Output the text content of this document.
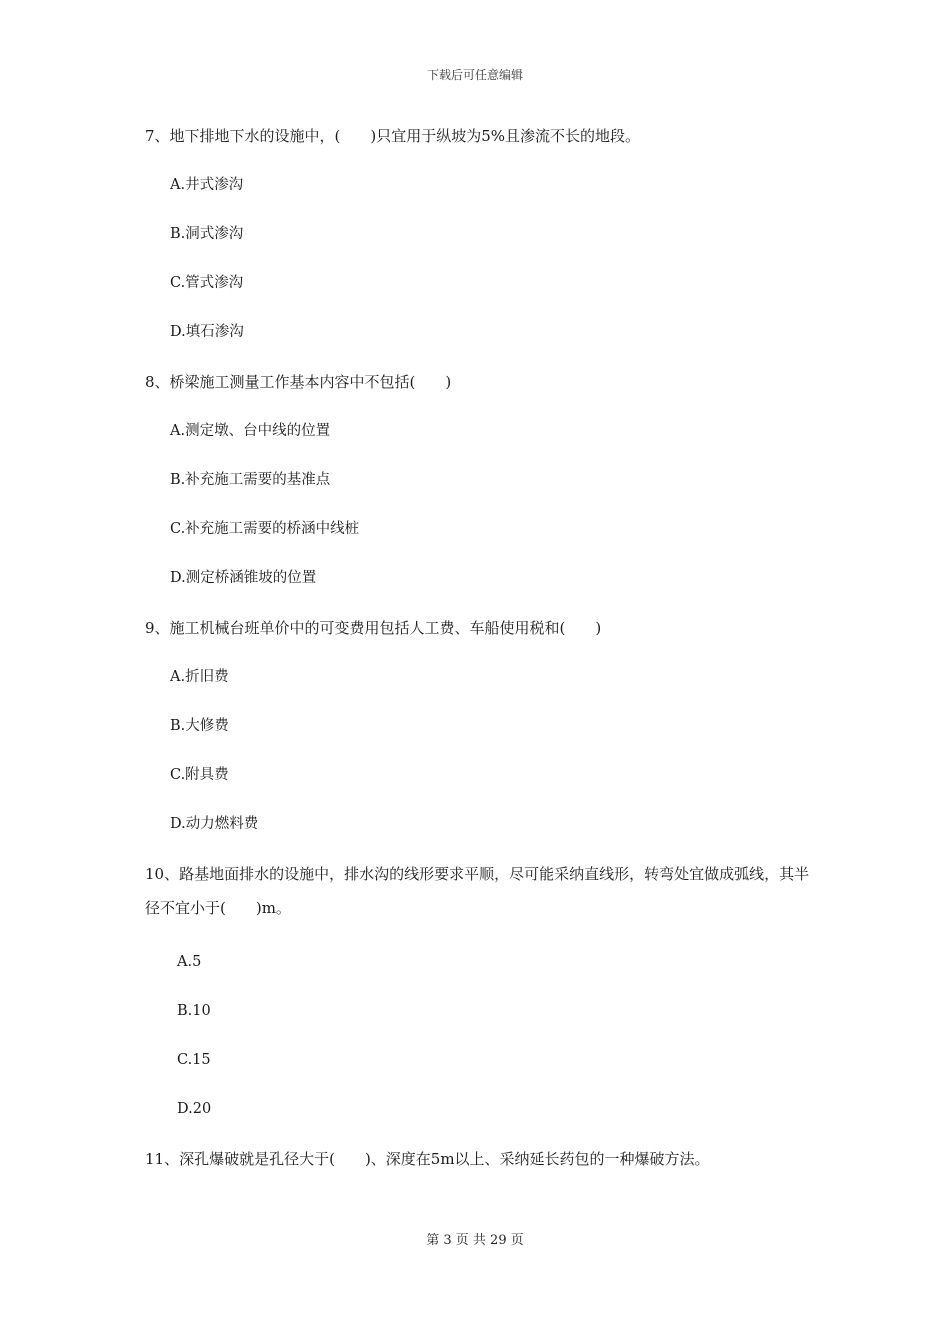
下载后可任意编辑
7、地下排地下水的设施中，(　　)只宜用于纵坡为5%且渗流不长的地段。
A.井式渗沟
B.洞式渗沟
C.管式渗沟
D.填石渗沟
8、桥梁施工测量工作基本内容中不包括(　　)
A.测定墩、台中线的位置
B.补充施工需要的基准点
C.补充施工需要的桥涵中线桩
D.测定桥涵锥坡的位置
9、施工机械台班单价中的可变费用包括人工费、车船使用税和(　　)
A.折旧费
B.大修费
C.附具费
D.动力燃料费
10、路基地面排水的设施中，排水沟的线形要求平顺，尽可能采纳直线形，转弯处宜做成弧线，其半径不宜小于(　　)m。
A.5
B.10
C.15
D.20
11、深孔爆破就是孔径大于(　　)、深度在5m以上、采纳延长药包的一种爆破方法。
第 3 页 共 29 页
